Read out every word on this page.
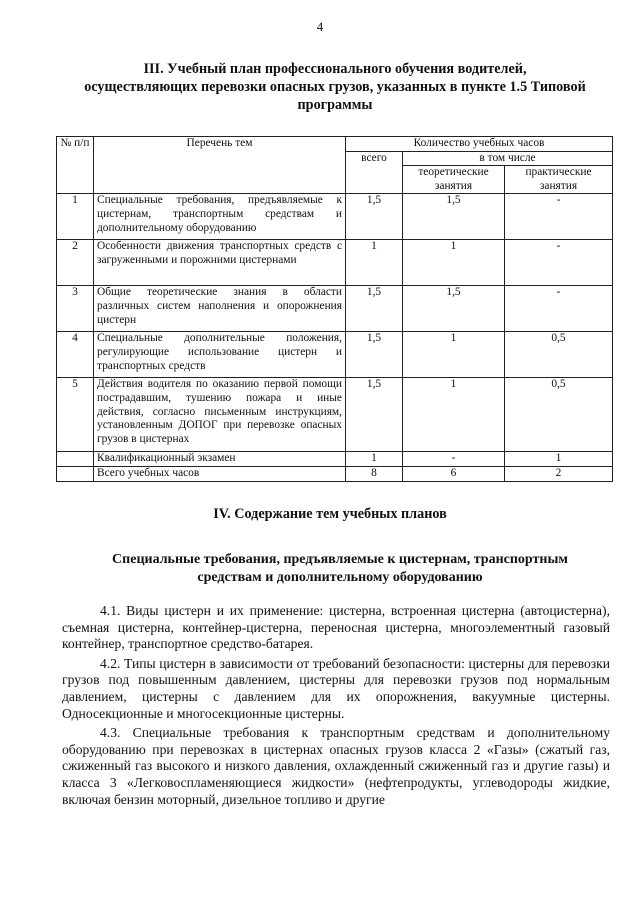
4
III. Учебный план профессионального обучения водителей,
осуществляющих перевозки опасных грузов, указанных в пункте 1.5 Типовой
программы
№ п/п	Перечень тем	Количество учебных часов		
		всего	в том числе	
			теоретические занятия	практические занятия
1	Специальные требования, предъявляемые к цистернам, транспортным средствам и дополнительному оборудованию	1,5	1,5	-
2	Особенности движения транспортных средств с загруженными и порожними цистернами	1	1	-
3	Общие теоретические знания в области различных систем наполнения и опорожнения цистерн	1,5	1,5	-
4	Специальные дополнительные положения, регулирующие использование цистерн и транспортных средств	1,5	1	0,5
5	Действия водителя по оказанию первой помощи пострадавшим, тушению пожара и иные действия, согласно письменным инструкциям, установленным ДОПОГ при перевозке опасных грузов в цистернах	1,5	1	0,5
	Квалификационный экзамен	1	-	1
	Всего учебных часов	8	6	2
IV. Содержание тем учебных планов
Специальные требования, предъявляемые к цистернам, транспортным
средствам и дополнительному оборудованию

4.1. Виды цистерн и их применение: цистерна, встроенная цистерна (автоцистерна), съемная цистерна, контейнер-цистерна, переносная цистерна, многоэлементный газовый контейнер, транспортное средство-батарея.

4.2. Типы цистерн в зависимости от требований безопасности: цистерны для перевозки грузов под повышенным давлением, цистерны для перевозки грузов под нормальным давлением, цистерны с давлением для их опорожнения, вакуумные цистерны. Односекционные и многосекционные цистерны.

4.3. Специальные требования к транспортным средствам и дополнительному оборудованию при перевозках в цистернах опасных грузов класса 2 «Газы» (сжатый газ, сжиженный газ высокого и низкого давления, охлажденный сжиженный газ и другие газы) и класса 3 «Легковоспламеняющиеся жидкости» (нефтепродукты, углеводороды жидкие, включая бензин моторный, дизельное топливо и другие
